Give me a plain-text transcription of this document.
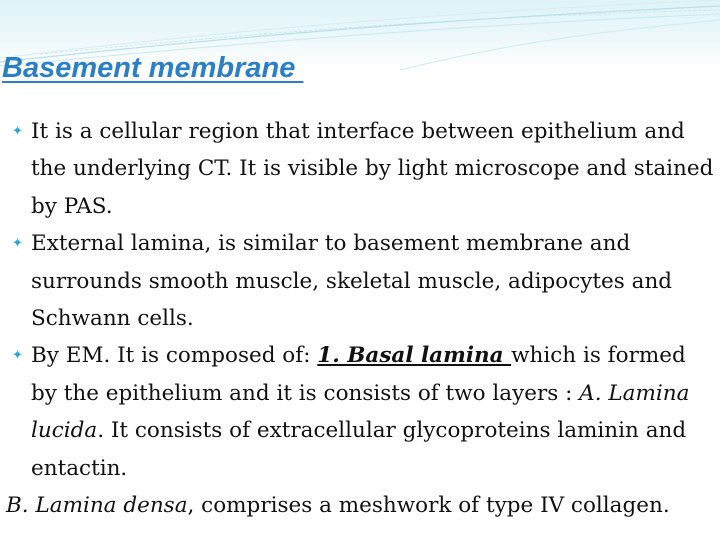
Basement membrane

✦ It is a cellular region that interface between epithelium and the underlying CT. It is visible by light microscope and stained by PAS.

✦ External lamina, is similar to basement membrane and surrounds smooth muscle, skeletal muscle, adipocytes and Schwann cells.

✦ By EM. It is composed of: 1. Basal lamina which is formed by the epithelium and it is consists of two layers : A. Lamina lucida. It consists of extracellular glycoproteins laminin and entactin.

B. Lamina densa, comprises a meshwork of type IV collagen.
